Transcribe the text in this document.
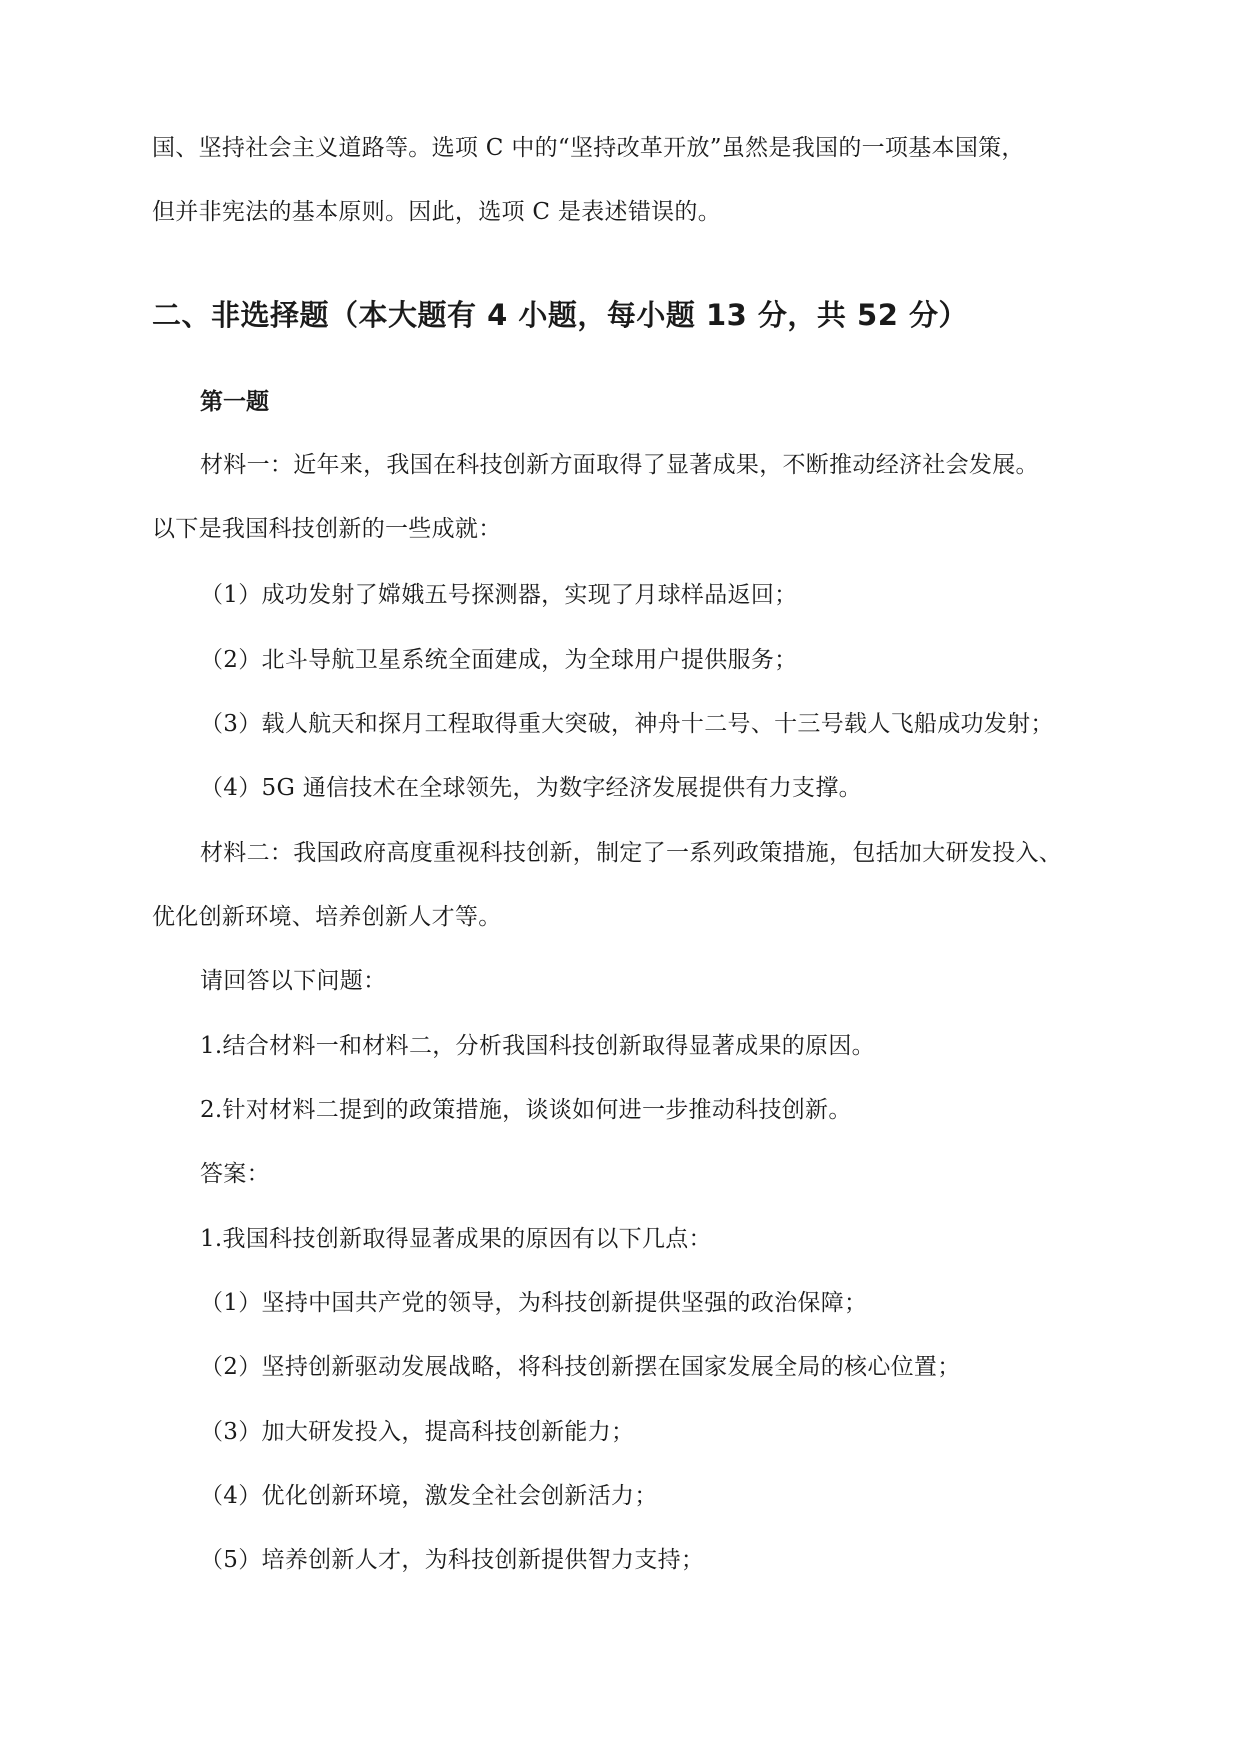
国、坚持社会主义道路等。选项 C 中的“坚持改革开放”虽然是我国的一项基本国策，
但并非宪法的基本原则。因此，选项 C 是表述错误的。
二、非选择题（本大题有 4 小题，每小题 13 分，共 52 分）
第一题
材料一：近年来，我国在科技创新方面取得了显著成果，不断推动经济社会发展。
以下是我国科技创新的一些成就：
（1）成功发射了嫦娥五号探测器，实现了月球样品返回；
（2）北斗导航卫星系统全面建成，为全球用户提供服务；
（3）载人航天和探月工程取得重大突破，神舟十二号、十三号载人飞船成功发射；
（4）5G 通信技术在全球领先，为数字经济发展提供有力支撑。
材料二：我国政府高度重视科技创新，制定了一系列政策措施，包括加大研发投入、
优化创新环境、培养创新人才等。
请回答以下问题：
1.结合材料一和材料二，分析我国科技创新取得显著成果的原因。
2.针对材料二提到的政策措施，谈谈如何进一步推动科技创新。
答案：
1.我国科技创新取得显著成果的原因有以下几点：
（1）坚持中国共产党的领导，为科技创新提供坚强的政治保障；
（2）坚持创新驱动发展战略，将科技创新摆在国家发展全局的核心位置；
（3）加大研发投入，提高科技创新能力；
（4）优化创新环境，激发全社会创新活力；
（5）培养创新人才，为科技创新提供智力支持；
